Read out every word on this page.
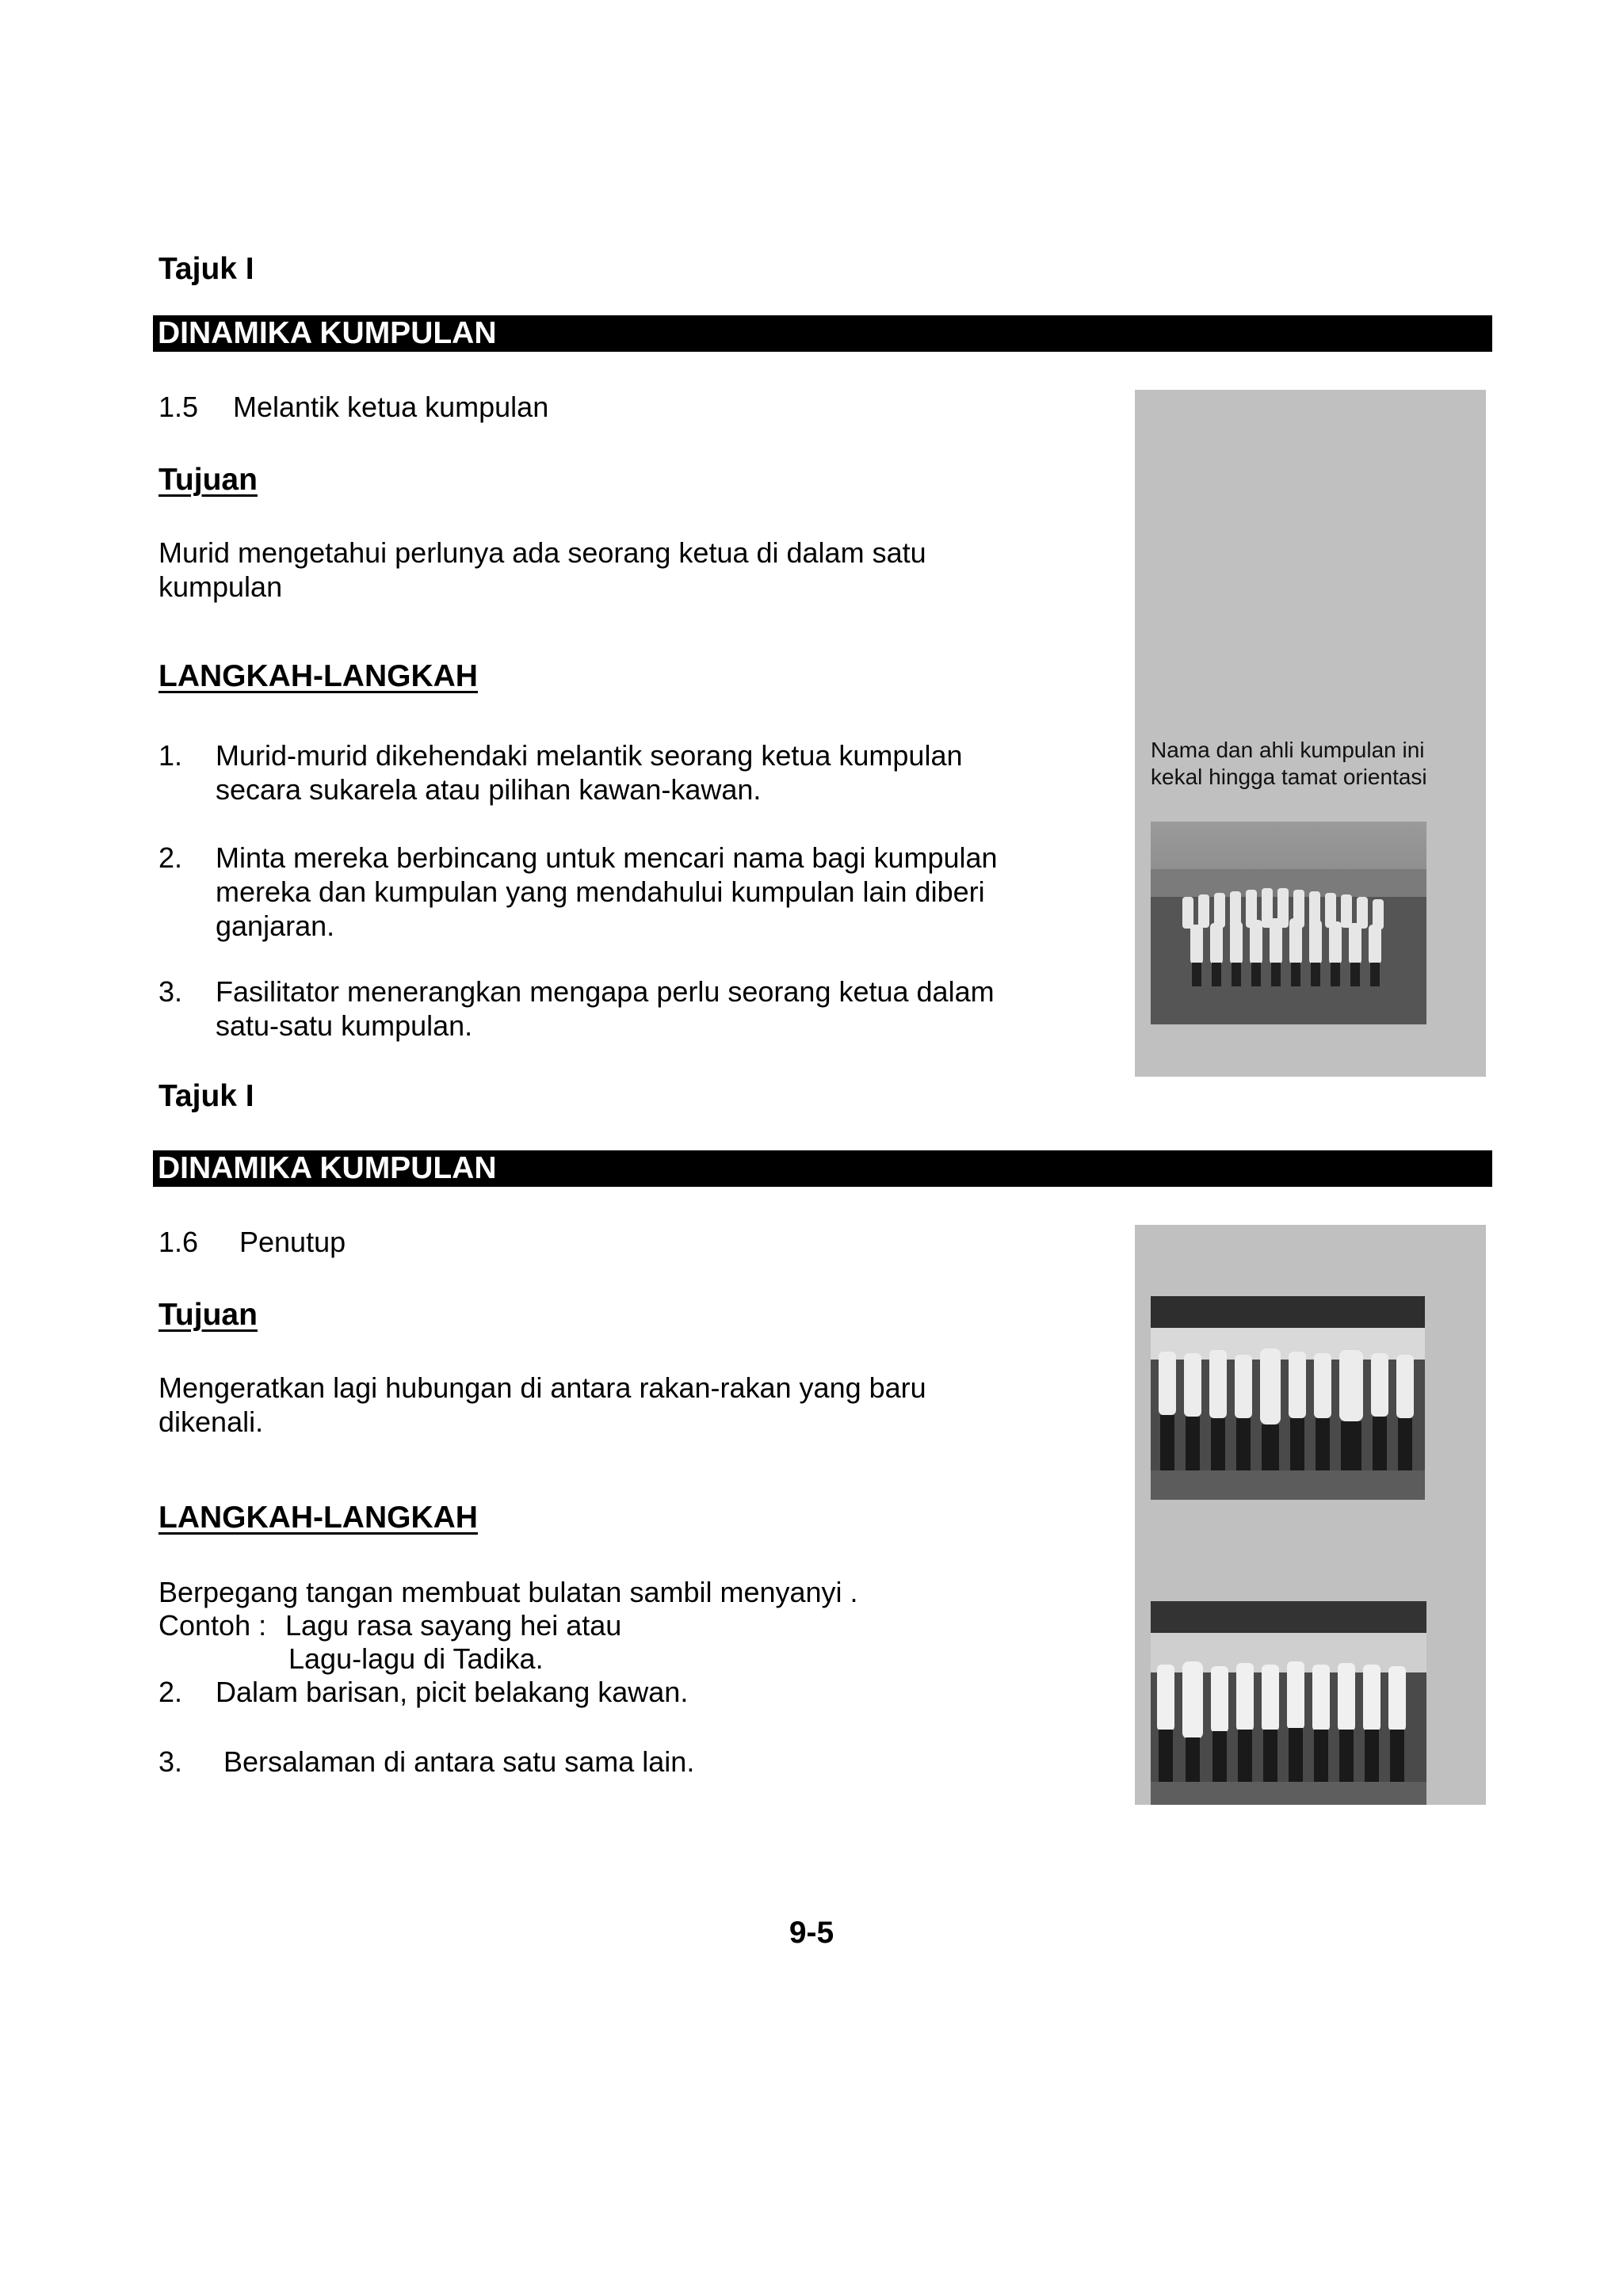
Tajuk I
DINAMIKA KUMPULAN
1.5 Melantik ketua kumpulan
Tujuan
Murid mengetahui perlunya ada seorang ketua di dalam satu
kumpulan
LANGKAH-LANGKAH
1. Murid-murid dikehendaki melantik seorang ketua kumpulan
secara sukarela atau pilihan kawan-kawan.
2. Minta mereka berbincang untuk mencari nama bagi kumpulan
mereka dan kumpulan yang mendahului kumpulan lain diberi
ganjaran.
3. Fasilitator menerangkan mengapa perlu seorang ketua dalam
satu-satu kumpulan.
Nama dan ahli kumpulan ini
kekal hingga tamat orientasi
Tajuk I
DINAMIKA KUMPULAN
1.6 Penutup
Tujuan
Mengeratkan lagi hubungan di antara rakan-rakan yang baru
dikenali.
LANGKAH-LANGKAH
Berpegang tangan membuat bulatan sambil menyanyi .
Contoh : Lagu rasa sayang hei atau
Lagu-lagu di Tadika.
2. Dalam barisan, picit belakang kawan.
3. Bersalaman di antara satu sama lain.
9-5
